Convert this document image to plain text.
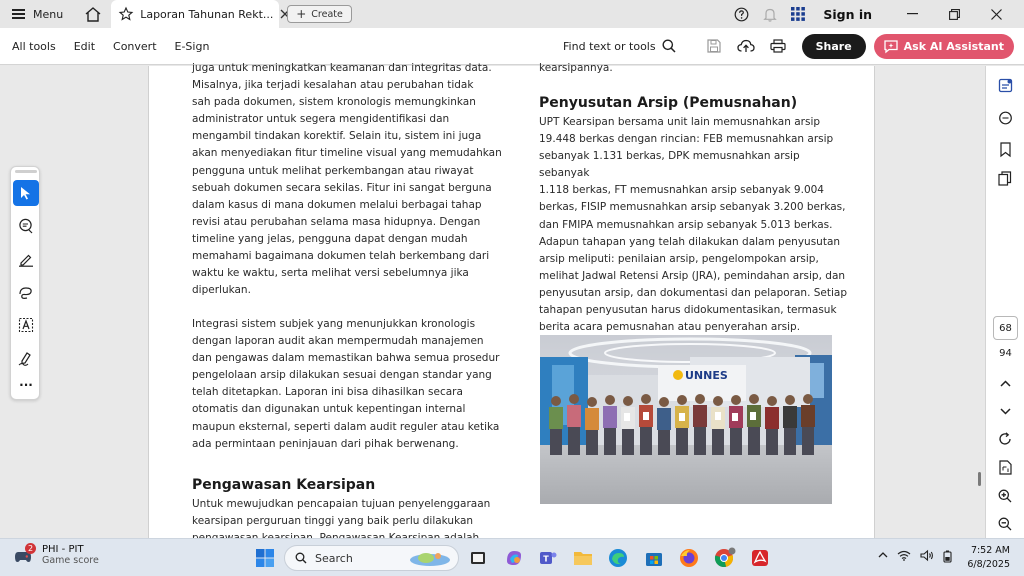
Menu	Laporan Tahunan Rekt... + Create	Sign in
All tools	Edit	Convert	E-Sign	Find text or tools	Share	Ask AI Assistant
juga untuk meningkatkan keamanan dan integritas data.
Misalnya, jika terjadi kesalahan atau perubahan tidak
sah pada dokumen, sistem kronologis memungkinkan
administrator untuk segera mengidentifikasi dan
mengambil tindakan korektif. Selain itu, sistem ini juga
akan menyediakan fitur timeline visual yang memudahkan
pengguna untuk melihat perkembangan atau riwayat
sebuah dokumen secara sekilas. Fitur ini sangat berguna
dalam kasus di mana dokumen melalui berbagai tahap
revisi atau perubahan selama masa hidupnya. Dengan
timeline yang jelas, pengguna dapat dengan mudah
memahami bagaimana dokumen telah berkembang dari
waktu ke waktu, serta melihat versi sebelumnya jika
diperlukan.
Integrasi sistem subjek yang menunjukkan kronologis
dengan laporan audit akan mempermudah manajemen
dan pengawas dalam memastikan bahwa semua prosedur
pengelolaan arsip dilakukan sesuai dengan standar yang
telah ditetapkan. Laporan ini bisa dihasilkan secara
otomatis dan digunakan untuk kepentingan internal
maupun eksternal, seperti dalam audit reguler atau ketika
ada permintaan peninjauan dari pihak berwenang.
Pengawasan Kearsipan
Untuk mewujudkan pencapaian tujuan penyelenggaraan
kearsipan perguruan tinggi yang baik perlu dilakukan

kearsipannya.
Penyusutan Arsip (Pemusnahan)
UPT Kearsipan bersama unit lain memusnahkan arsip
19.448 berkas dengan rincian: FEB memusnahkan arsip
sebanyak 1.131 berkas, DPK memusnahkan arsip sebanyak
1.118 berkas, FT memusnahkan arsip sebanyak 9.004
berkas, FISIP memusnahkan arsip sebanyak 3.200 berkas,
dan FMIPA memusnahkan arsip sebanyak 5.013 berkas.
Adapun tahapan yang telah dilakukan dalam penyusutan
arsip meliputi: penilaian arsip, pengelompokan arsip,
melihat Jadwal Retensi Arsip (JRA), pemindahan arsip, dan
penyusutan arsip, dan dokumentasi dan pelaporan. Setiap
tahapan penyusutan harus didokumentasikan, termasuk
berita acara pemusnahan atau penyerahan arsip.
UNNES
···
68
94
2 PHI - PIT
Game score	Search	T
7:52 AM
6/8/2025
